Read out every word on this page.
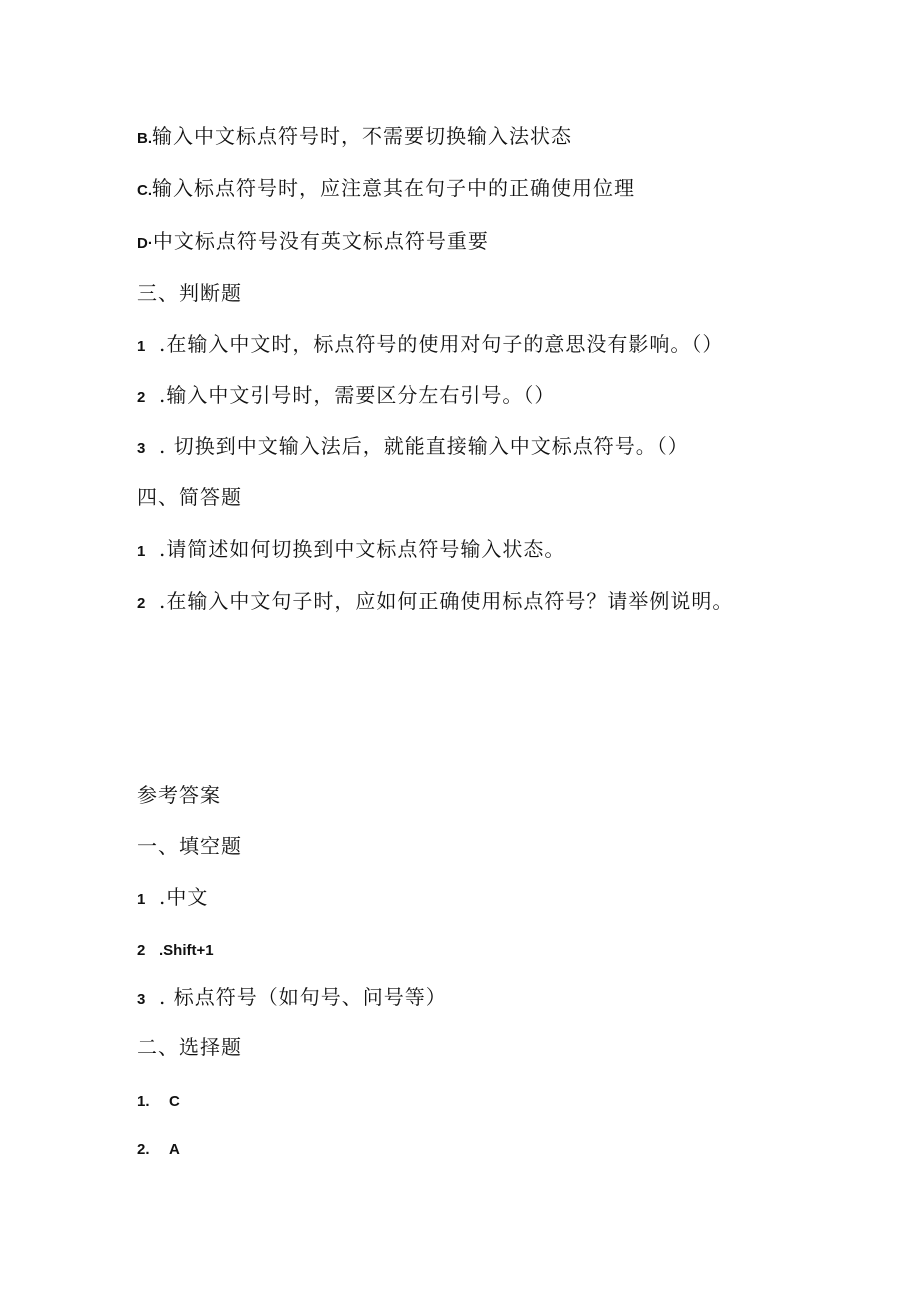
B.输入中文标点符号时，不需要切换输入法状态
C.输入标点符号时，应注意其在句子中的正确使用位理
D·中文标点符号没有英文标点符号重要
三、判断题
1 .在输入中文时，标点符号的使用对句子的意思没有影响。（）
2 .输入中文引号时，需要区分左右引号。（）
3 . 切换到中文输入法后，就能直接输入中文标点符号。（）
四、简答题
1 .请简述如何切换到中文标点符号输入状态。
2 .在输入中文句子时，应如何正确使用标点符号？请举例说明。
参考答案
一、填空题
1 .中文
2 .Shift+1
3 . 标点符号（如句号、问号等）
二、选择题
1. C
2. A
